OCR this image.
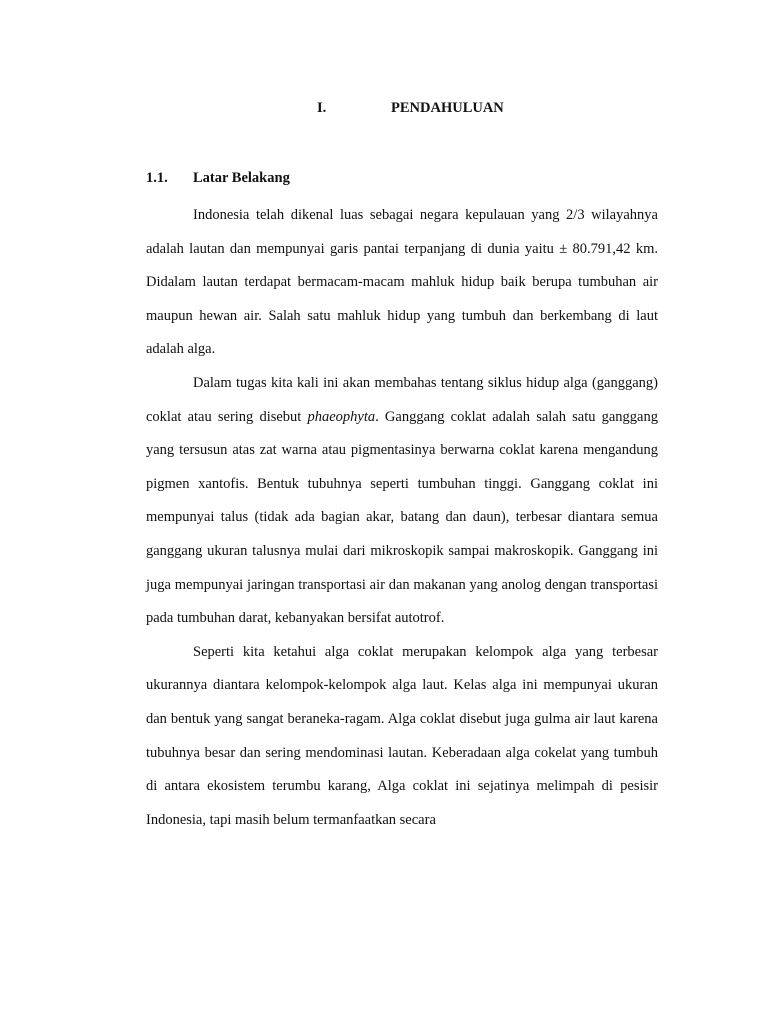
I.	PENDAHULUAN
1.1. Latar Belakang

Indonesia telah dikenal luas sebagai negara kepulauan yang 2/3 wilayahnya adalah lautan dan mempunyai garis pantai terpanjang di dunia yaitu ± 80.791,42 km. Didalam lautan terdapat bermacam-macam mahluk hidup baik berupa tumbuhan air maupun hewan air. Salah satu mahluk hidup yang tumbuh dan berkembang di laut adalah alga.

Dalam tugas kita kali ini akan membahas tentang siklus hidup alga (ganggang) coklat atau sering disebut phaeophyta. Ganggang coklat adalah salah satu ganggang yang tersusun atas zat warna atau pigmentasinya berwarna coklat karena mengandung pigmen xantofis. Bentuk tubuhnya seperti tumbuhan tinggi. Ganggang coklat ini mempunyai talus (tidak ada bagian akar, batang dan daun), terbesar diantara semua ganggang ukuran talusnya mulai dari mikroskopik sampai makroskopik. Ganggang ini juga mempunyai jaringan transportasi air dan makanan yang anolog dengan transportasi pada tumbuhan darat, kebanyakan bersifat autotrof.

Seperti kita ketahui alga coklat merupakan kelompok alga yang terbesar ukurannya diantara kelompok-kelompok alga laut. Kelas alga ini mempunyai ukuran dan bentuk yang sangat beraneka-ragam. Alga coklat disebut juga gulma air laut karena tubuhnya besar dan sering mendominasi lautan. Keberadaan alga cokelat yang tumbuh di antara ekosistem terumbu karang, Alga coklat ini sejatinya melimpah di pesisir Indonesia, tapi masih belum termanfaatkan secara
